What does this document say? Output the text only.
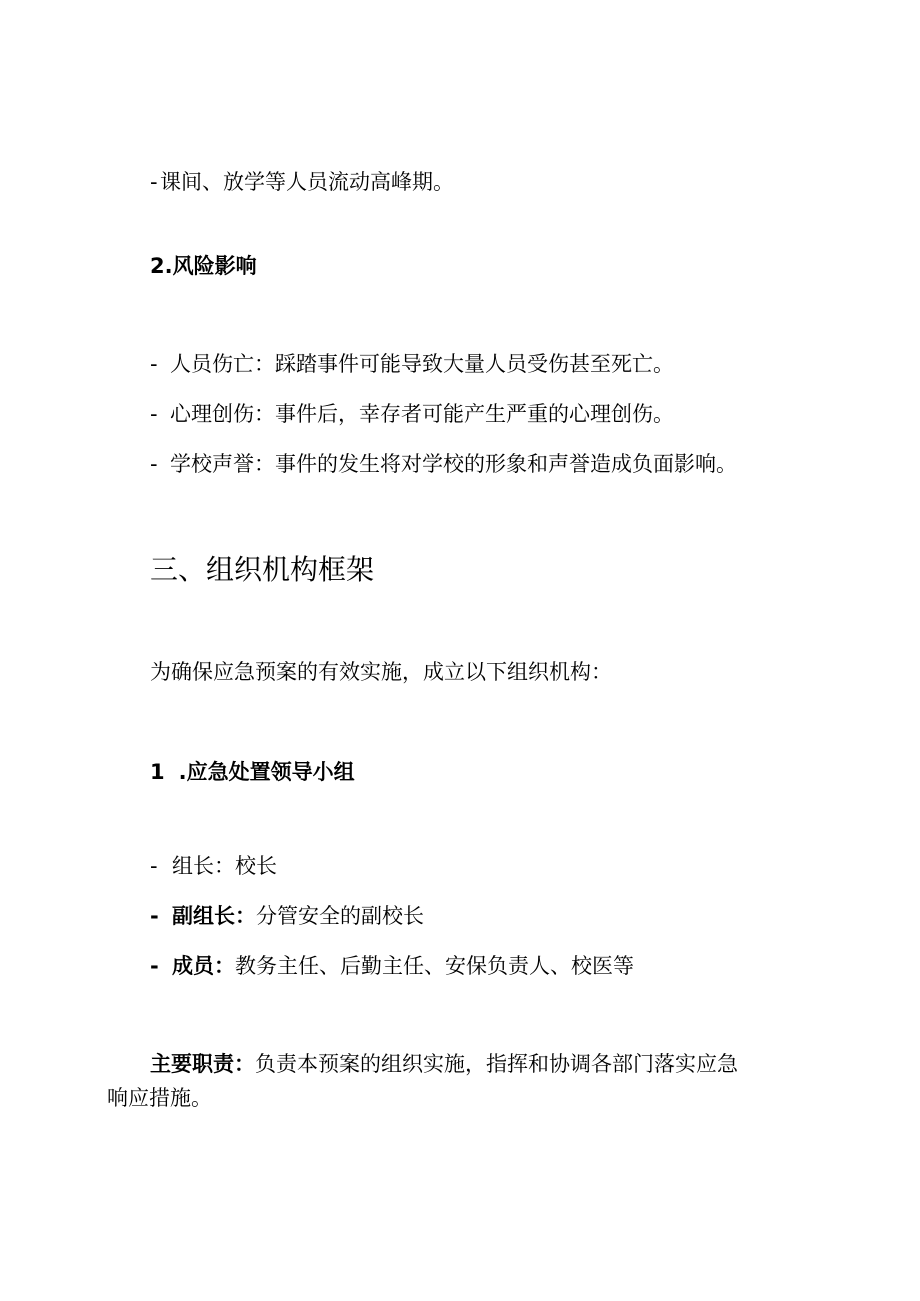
- 课间、放学等人员流动高峰期。
2.风险影响
- 人员伤亡：踩踏事件可能导致大量人员受伤甚至死亡。
- 心理创伤：事件后，幸存者可能产生严重的心理创伤。
- 学校声誉：事件的发生将对学校的形象和声誉造成负面影响。
三、组织机构框架
为确保应急预案的有效实施，成立以下组织机构：
1 .应急处置领导小组
- 组长：校长
- 副组长：分管安全的副校长
- 成员：教务主任、后勤主任、安保负责人、校医等
主要职责：负责本预案的组织实施，指挥和协调各部门落实应急
响应措施。
